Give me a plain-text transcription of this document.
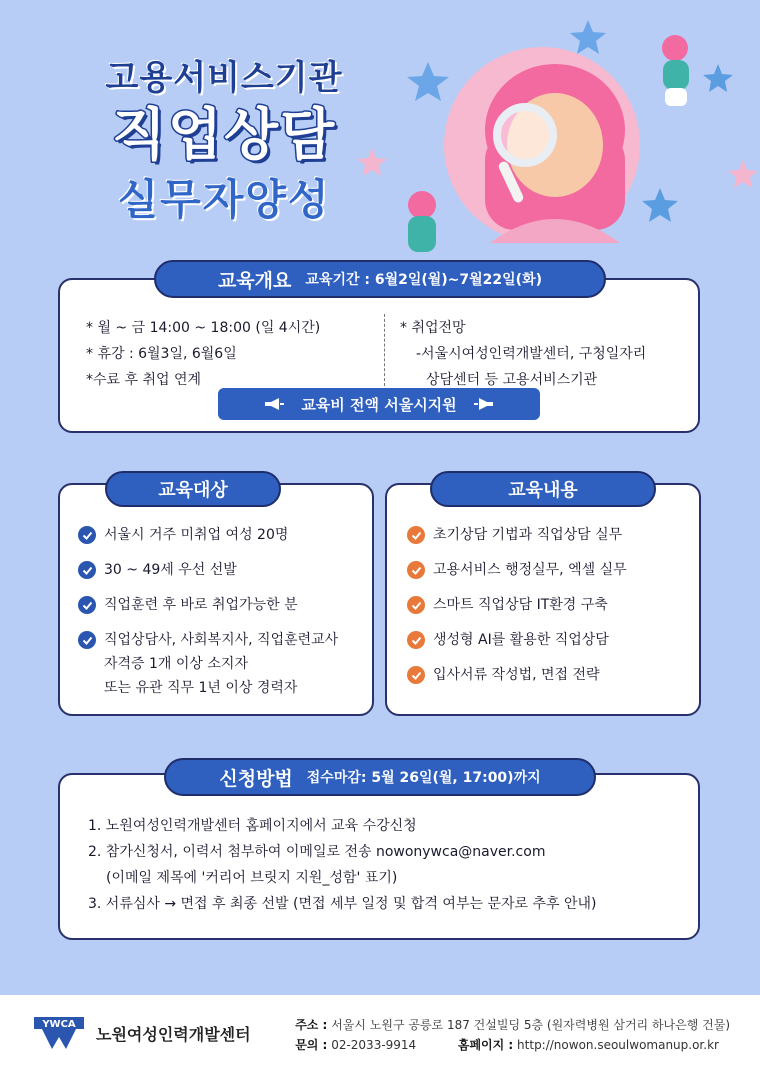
고용서비스기관
직업상담
실무자양성
교육개요 교육기간 : 6월2일(월)~7월22일(화)
* 월 ~ 금 14:00 ~ 18:00 (일 4시간)
* 휴강 : 6월3일, 6월6일
*수료 후 취업 연계
* 취업전망
-서울시여성인력개발센터, 구청일자리
상담센터 등 고용서비스기관
교육비 전액 서울시지원
교육대상
서울시 거주 미취업 여성 20명
30 ~ 49세 우선 선발
직업훈련 후 바로 취업가능한 분
직업상담사, 사회복지사, 직업훈련교사
자격증 1개 이상 소지자
또는 유관 직무 1년 이상 경력자
교육내용
초기상담 기법과 직업상담 실무
고용서비스 행정실무, 엑셀 실무
스마트 직업상담 IT환경 구축
생성형 AI를 활용한 직업상담
입사서류 작성법, 면접 전략
신청방법 접수마감: 5월 26일(월, 17:00)까지
1. 노원여성인력개발센터 홈페이지에서 교육 수강신청
2. 참가신청서, 이력서 첨부하여 이메일로 전송 nowonywca@naver.com
(이메일 제목에 '커리어 브릿지 지원_성함' 표기)
3. 서류심사 → 면접 후 최종 선발 (면접 세부 일정 및 합격 여부는 문자로 추후 안내)
YWCA
노원여성인력개발센터	주소 : 서울시 노원구 공릉로 187 건설빌딩 5층 (원자력병원 삼거리 하나은행 건물)
문의 : 02-2033-9914	홈페이지 : http://nowon.seoulwomanup.or.kr
